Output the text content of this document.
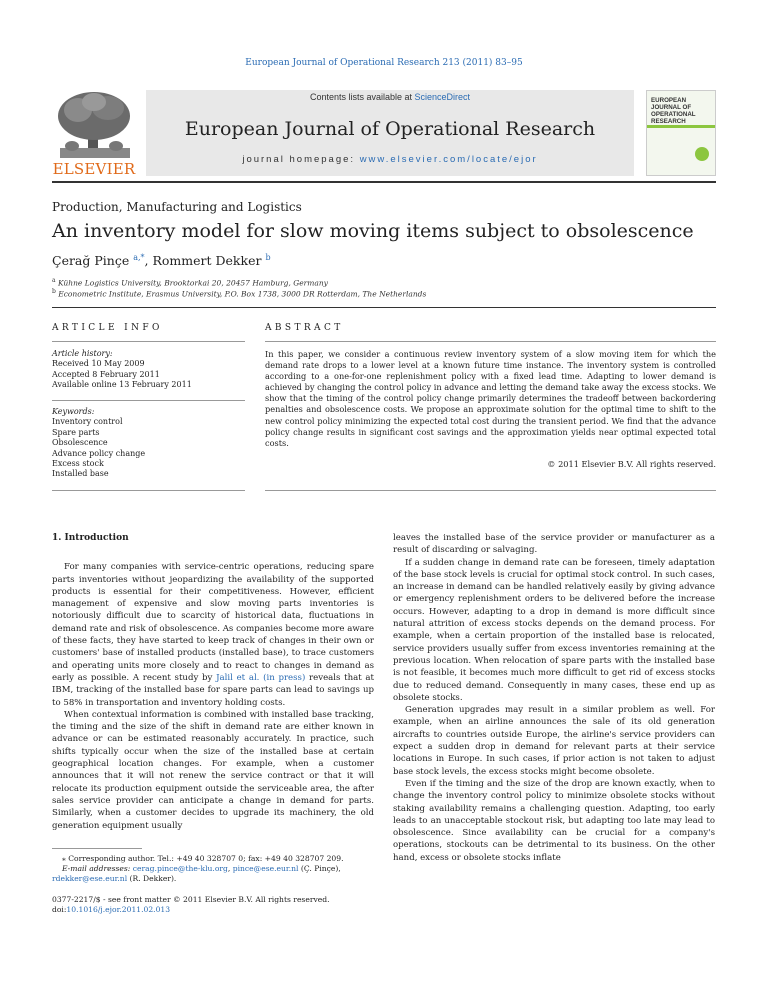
European Journal of Operational Research 213 (2011) 83–95
ELSEVIER
Contents lists available at ScienceDirect
European Journal of Operational Research
journal homepage: www.elsevier.com/locate/ejor
EUROPEAN JOURNAL OF OPERATIONAL RESEARCH
Production, Manufacturing and Logistics
An inventory model for slow moving items subject to obsolescence
Çerağ Pinçe $^{a,*}$, Rommert Dekker $^b$
$^a$ Kühne Logistics University, Brooktorkai 20, 20457 Hamburg, Germany
$^b$ Econometric Institute, Erasmus University, P.O. Box 1738, 3000 DR Rotterdam, The Netherlands
ARTICLE INFO
Article history:
Received 10 May 2009
Accepted 8 February 2011
Available online 13 February 2011
Keywords:
Inventory control
Spare parts
Obsolescence
Advance policy change
Excess stock
Installed base
ABSTRACT
In this paper, we consider a continuous review inventory system of a slow moving item for which the demand rate drops to a lower level at a known future time instance. The inventory system is controlled according to a one-for-one replenishment policy with a fixed lead time. Adapting to lower demand is achieved by changing the control policy in advance and letting the demand take away the excess stocks. We show that the timing of the control policy change primarily determines the tradeoff between backordering penalties and obsolescence costs. We propose an approximate solution for the optimal time to shift to the new control policy minimizing the expected total cost during the transient period. We find that the advance policy change results in significant cost savings and the approximation yields near optimal expected total costs.
© 2011 Elsevier B.V. All rights reserved.
1. Introduction

For many companies with service-centric operations, reducing spare parts inventories without jeopardizing the availability of the supported products is essential for their competitiveness. However, efficient management of expensive and slow moving parts inventories is notoriously difficult due to scarcity of historical data, fluctuations in demand rate and risk of obsolescence. As companies become more aware of these facts, they have started to keep track of changes in their own or customers' base of installed products (installed base), to trace customers and operating units more closely and to react to changes in demand as early as possible. A recent study by Jalil et al. (in press) reveals that at IBM, tracking of the installed base for spare parts can lead to savings up to 58% in transportation and inventory holding costs.

When contextual information is combined with installed base tracking, the timing and the size of the shift in demand rate are either known in advance or can be estimated reasonably accurately. In practice, such shifts typically occur when the size of the installed base at certain geographical location changes. For example, when a customer announces that it will not renew the service contract or that it will relocate its production equipment outside the serviceable area, the after sales service provider can anticipate a change in demand for parts. Similarly, when a customer decides to upgrade its machinery, the old generation equipment usually

⁎ Corresponding author. Tel.: +49 40 328707 0; fax: +49 40 328707 209.
E-mail addresses: cerag.pince@the-klu.org, pince@ese.eur.nl (Ç. Pinçe), rdekker@ese.eur.nl (R. Dekker).
0377-2217/$ - see front matter © 2011 Elsevier B.V. All rights reserved.
doi:10.1016/j.ejor.2011.02.013

leaves the installed base of the service provider or manufacturer as a result of discarding or salvaging.

If a sudden change in demand rate can be foreseen, timely adaptation of the base stock levels is crucial for optimal stock control. In such cases, an increase in demand can be handled relatively easily by giving advance or emergency replenishment orders to be delivered before the increase occurs. However, adapting to a drop in demand is more difficult since natural attrition of excess stocks depends on the demand process. For example, when a certain proportion of the installed base is relocated, service providers usually suffer from excess inventories remaining at the previous location. When relocation of spare parts with the installed base is not feasible, it becomes much more difficult to get rid of excess stocks due to reduced demand. Consequently in many cases, these end up as obsolete stocks.

Generation upgrades may result in a similar problem as well. For example, when an airline announces the sale of its old generation aircrafts to countries outside Europe, the airline's service providers can expect a sudden drop in demand for relevant parts at their service locations in Europe. In such cases, if prior action is not taken to adjust base stock levels, the excess stocks might become obsolete.

Even if the timing and the size of the drop are known exactly, when to change the inventory control policy to minimize obsolete stocks without staking availability remains a challenging question. Adapting, too early leads to an unacceptable stockout risk, but adapting too late may lead to obsolescence. Since availability can be crucial for a company's operations, stockouts can be detrimental to its business. On the other hand, excess or obsolete stocks inflate
